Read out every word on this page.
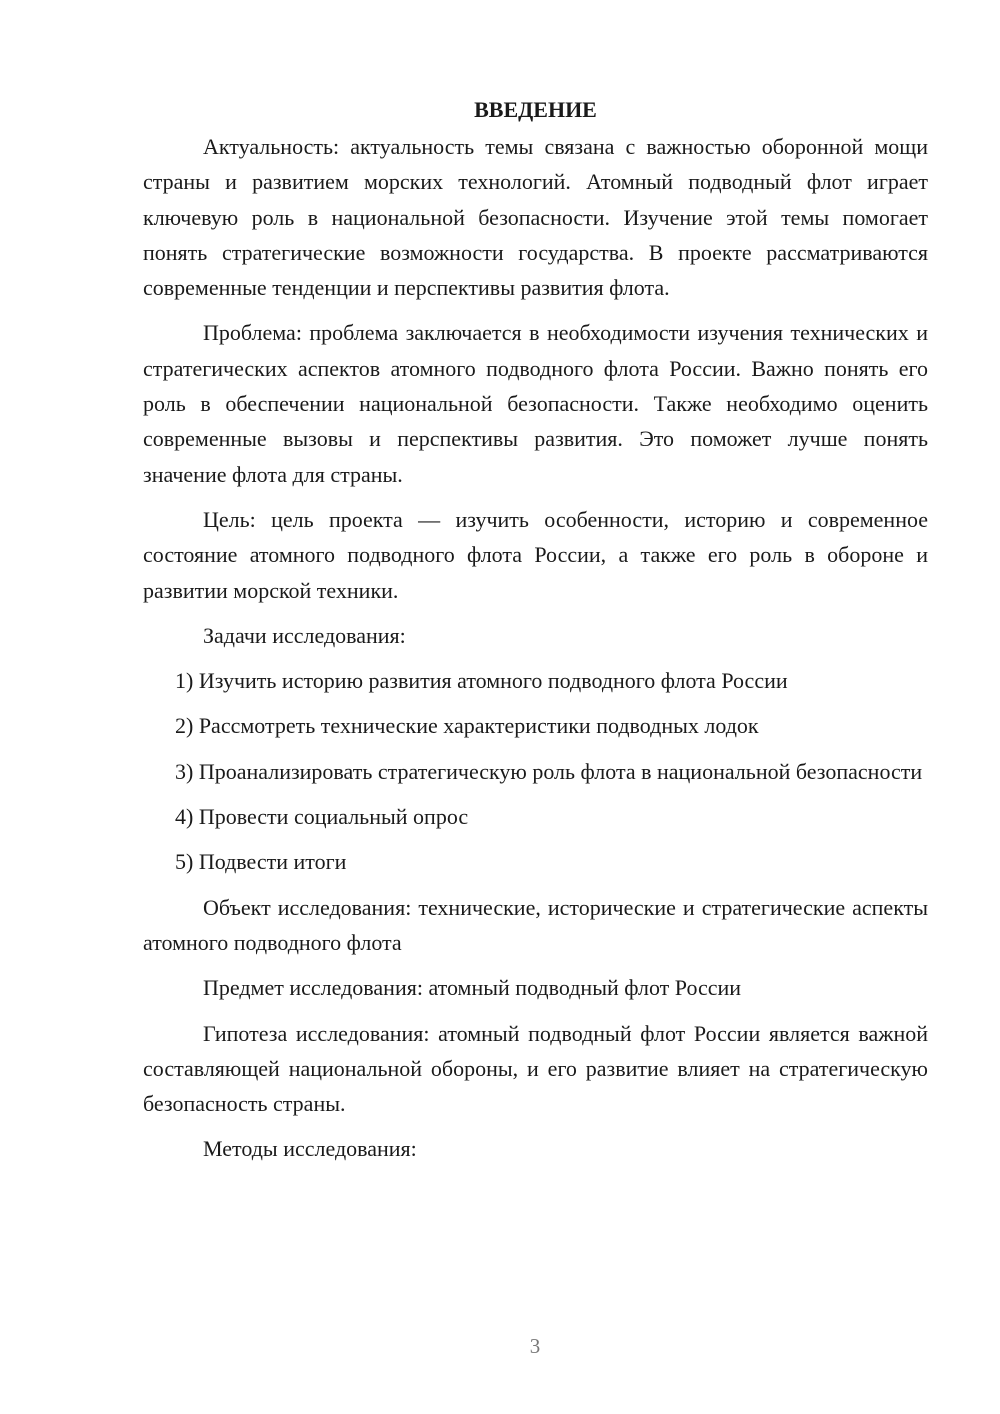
ВВЕДЕНИЕ

Актуальность: актуальность темы связана с важностью оборонной мощи страны и развитием морских технологий. Атомный подводный флот играет ключевую роль в национальной безопасности. Изучение этой темы помогает понять стратегические возможности государства. В проекте рассматриваются современные тенденции и перспективы развития флота.

Проблема: проблема заключается в необходимости изучения технических и стратегических аспектов атомного подводного флота России. Важно понять его роль в обеспечении национальной безопасности. Также необходимо оценить современные вызовы и перспективы развития. Это поможет лучше понять значение флота для страны.

Цель: цель проекта — изучить особенности, историю и современное состояние атомного подводного флота России, а также его роль в обороне и развитии морской техники.

Задачи исследования:

1) Изучить историю развития атомного подводного флота России

2) Рассмотреть технические характеристики подводных лодок

3) Проанализировать стратегическую роль флота в национальной безопасности

4) Провести социальный опрос

5) Подвести итоги

Объект исследования: технические, исторические и стратегические аспекты атомного подводного флота

Предмет исследования: атомный подводный флот России

Гипотеза исследования: атомный подводный флот России является важной составляющей национальной обороны, и его развитие влияет на стратегическую безопасность страны.

Методы исследования:

3
